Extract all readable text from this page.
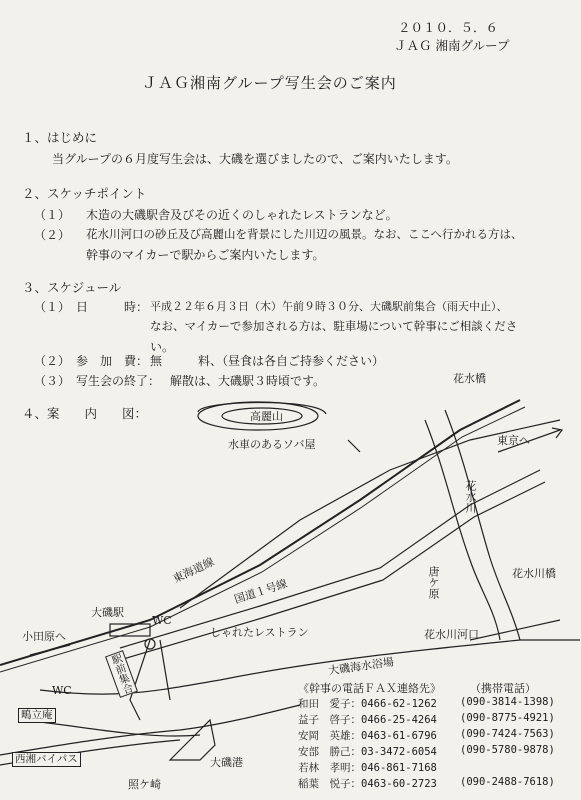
２０１０．５．６
ＪＡＧ 湘南グループ
ＪＡＧ湘南グループ写生会のご案内
１、はじめに
当グループの６月度写生会は、大磯を選びましたので、ご案内いたします。
２、スケッチポイント
（１） 木造の大磯駅舎及びその近くのしゃれたレストランなど。
（２） 花水川河口の砂丘及び高麗山を背景にした川辺の風景。なお、ここへ行かれる方は、
幹事のマイカーで駅からご案内いたします。
３、スケジュール
（１） 日　　　時： 平成２２年６月３日（木）午前９時３０分、大磯駅前集合（雨天中止）、
なお、マイカーで参加される方は、駐車場について幹事にご相談くださ
い。
（２） 参　加　費： 無　　　料、（昼食は各自ご持参ください）
（３） 写生会の終了： 解散は、大磯駅３時頃です。
４、案　　内　　図：
花水橋
高麗山
水車のあるソバ屋	東京へ
花水川
東海道線	唐ケ原	花水川橋
大磯駅
小田原へ
WC
国道１号線
しゃれたレストラン	花水川河口
駅前集合	大磯海水浴場
WC
鴫立庵
西湘バイパス	大磯港
照ケ崎
《幹事の電話ＦＡＸ連絡先》	（携帯電話）
和田　愛子：0466-62-1262 (090-3814-1398)
益子　啓子：0466-25-4264 (090-8775-4921)
安岡　英雄：0463-61-6796 (090-7424-7563)
安部　勝己：03-3472-6054 (090-5780-9878)
若林　孝明：046-861-7168
稲葉　悦子：0463-60-2723 (090-2488-7618)
